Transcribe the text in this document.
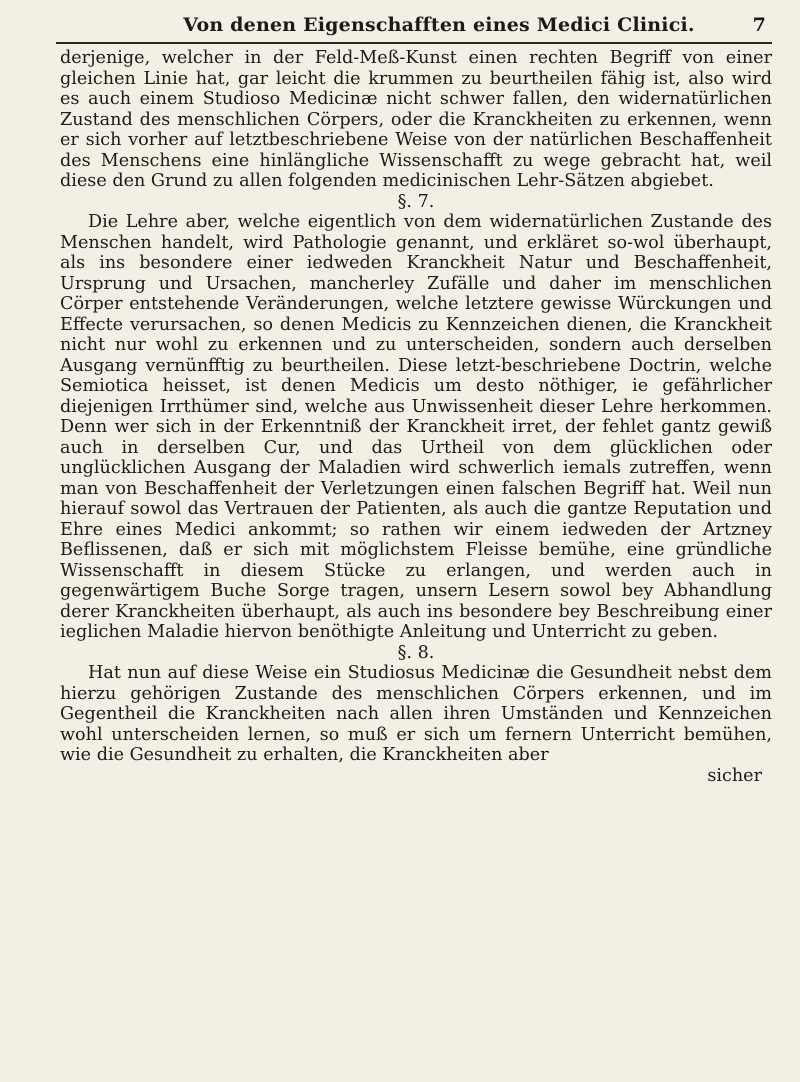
Von denen Eigenschafften eines Medici Clinici.	7

derjenige, welcher in der Feld-Meß-Kunst einen rechten Begriff von einer gleichen Linie hat, gar leicht die krummen zu beurtheilen fähig ist, also wird es auch einem Studioso Medicinæ nicht schwer fallen, den widernatürlichen Zustand des menschlichen Cörpers, oder die Kranckheiten zu erkennen, wenn er sich vorher auf letztbeschriebene Weise von der natürlichen Beschaffenheit des Menschens eine hinlängliche Wissenschafft zu wege gebracht hat, weil diese den Grund zu allen folgenden medicinischen Lehr-Sätzen abgiebet.

§. 7.

Die Lehre aber, welche eigentlich von dem widernatürlichen Zustande des Menschen handelt, wird Pathologie genannt, und erkläret so-wol überhaupt, als ins besondere einer iedweden Kranckheit Natur und Beschaffenheit, Ursprung und Ursachen, mancherley Zufälle und daher im menschlichen Cörper entstehende Veränderungen, welche letztere gewisse Würckungen und Effecte verursachen, so denen Medicis zu Kennzeichen dienen, die Kranckheit nicht nur wohl zu erkennen und zu unterscheiden, sondern auch derselben Ausgang vernünfftig zu beurtheilen. Diese letzt-beschriebene Doctrin, welche Semiotica heisset, ist denen Medicis um desto nöthiger, ie gefährlicher diejenigen Irrthümer sind, welche aus Unwissenheit dieser Lehre herkommen. Denn wer sich in der Erkenntniß der Kranckheit irret, der fehlet gantz gewiß auch in derselben Cur, und das Urtheil von dem glücklichen oder unglücklichen Ausgang der Maladien wird schwerlich iemals zutreffen, wenn man von Beschaffenheit der Verletzungen einen falschen Begriff hat. Weil nun hierauf sowol das Vertrauen der Patienten, als auch die gantze Reputation und Ehre eines Medici ankommt; so rathen wir einem iedweden der Artzney Beflissenen, daß er sich mit möglichstem Fleisse bemühe, eine gründliche Wissenschafft in diesem Stücke zu erlangen, und werden auch in gegenwärtigem Buche Sorge tragen, unsern Lesern sowol bey Abhandlung derer Kranckheiten überhaupt, als auch ins besondere bey Beschreibung einer ieglichen Maladie hiervon benöthigte Anleitung und Unterricht zu geben.

§. 8.

Hat nun auf diese Weise ein Studiosus Medicinæ die Gesundheit nebst dem hierzu gehörigen Zustande des menschlichen Cörpers erkennen, und im Gegentheil die Kranckheiten nach allen ihren Umständen und Kennzeichen wohl unterscheiden lernen, so muß er sich um fernern Unterricht bemühen, wie die Gesundheit zu erhalten, die Kranckheiten aber

sicher
